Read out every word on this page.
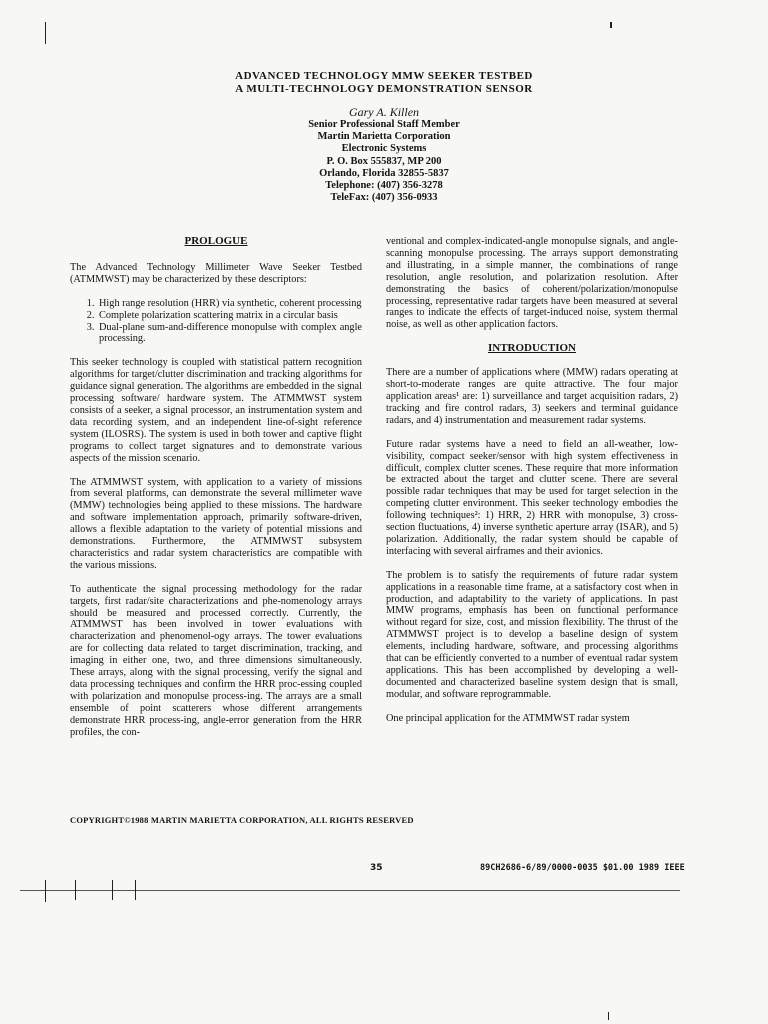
ADVANCED TECHNOLOGY MMW SEEKER TESTBED
A MULTI-TECHNOLOGY DEMONSTRATION SENSOR
Gary A. Killen
Senior Professional Staff Member
Martin Marietta Corporation
Electronic Systems
P. O. Box 555837, MP 200
Orlando, Florida 32855-5837
Telephone: (407) 356-3278
TeleFax: (407) 356-0933
PROLOGUE

The Advanced Technology Millimeter Wave Seeker Testbed (ATMMWST) may be characterized by these descriptors:

1. High range resolution (HRR) via synthetic, coherent processing
2. Complete polarization scattering matrix in a circular basis
3. Dual-plane sum-and-difference monopulse with complex angle processing.

This seeker technology is coupled with statistical pattern recognition algorithms for target/clutter discrimination and tracking algorithms for guidance signal generation. The algorithms are embedded in the signal processing software/ hardware system. The ATMMWST system consists of a seeker, a signal processor, an instrumentation system and data recording system, and an independent line-of-sight reference system (ILOSRS). The system is used in both tower and captive flight programs to collect target signatures and to demonstrate various aspects of the mission scenario.

The ATMMWST system, with application to a variety of missions from several platforms, can demonstrate the several millimeter wave (MMW) technologies being applied to these missions. The hardware and software implementation approach, primarily software-driven, allows a flexible adaptation to the variety of potential missions and demonstrations. Furthermore, the ATMMWST subsystem characteristics and radar system characteristics are compatible with the various missions.

To authenticate the signal processing methodology for the radar targets, first radar/site characterizations and phe-nomenology arrays should be measured and processed correctly. Currently, the ATMMWST has been involved in tower evaluations with characterization and phenomenol-ogy arrays. The tower evaluations are for collecting data related to target discrimination, tracking, and imaging in either one, two, and three dimensions simultaneously. These arrays, along with the signal processing, verify the signal and data processing techniques and confirm the HRR proc-essing coupled with polarization and monopulse process-ing. The arrays are a small ensemble of point scatterers whose different arrangements demonstrate HRR process-ing, angle-error generation from the HRR profiles, the con-

ventional and complex-indicated-angle monopulse signals, and angle-scanning monopulse processing. The arrays support demonstrating and illustrating, in a simple manner, the combinations of range resolution, angle resolution, and polarization resolution. After demonstrating the basics of coherent/polarization/monopulse processing, representative radar targets have been measured at several ranges to indicate the effects of target-induced noise, system thermal noise, as well as other application factors.

INTRODUCTION

There are a number of applications where (MMW) radars operating at short-to-moderate ranges are quite attractive. The four major application areas¹ are: 1) surveillance and target acquisition radars, 2) tracking and fire control radars, 3) seekers and terminal guidance radars, and 4) instrumentation and measurement radar systems.

Future radar systems have a need to field an all-weather, low-visibility, compact seeker/sensor with high system effectiveness in difficult, complex clutter scenes. These require that more information be extracted about the target and clutter scene. There are several possible radar techniques that may be used for target selection in the competing clutter environment. This seeker technology embodies the following techniques²: 1) HRR, 2) HRR with monopulse, 3) cross-section fluctuations, 4) inverse synthetic aperture array (ISAR), and 5) polarization. Additionally, the radar system should be capable of interfacing with several airframes and their avionics.

The problem is to satisfy the requirements of future radar system applications in a reasonable time frame, at a satisfactory cost when in production, and adaptability to the variety of applications. In past MMW programs, emphasis has been on functional performance without regard for size, cost, and mission flexibility. The thrust of the ATMMWST project is to develop a baseline design of system elements, including hardware, software, and processing algorithms that can be efficiently converted to a number of eventual radar system applications. This has been accomplished by developing a well-documented and characterized baseline system design that is small, modular, and software reprogrammable.

One principal application for the ATMMWST radar system

COPYRIGHT©1988 MARTIN MARIETTA CORPORATION, ALL RIGHTS RESERVED
35	89CH2686-6/89/0000-0035 $01.00 1989 IEEE
